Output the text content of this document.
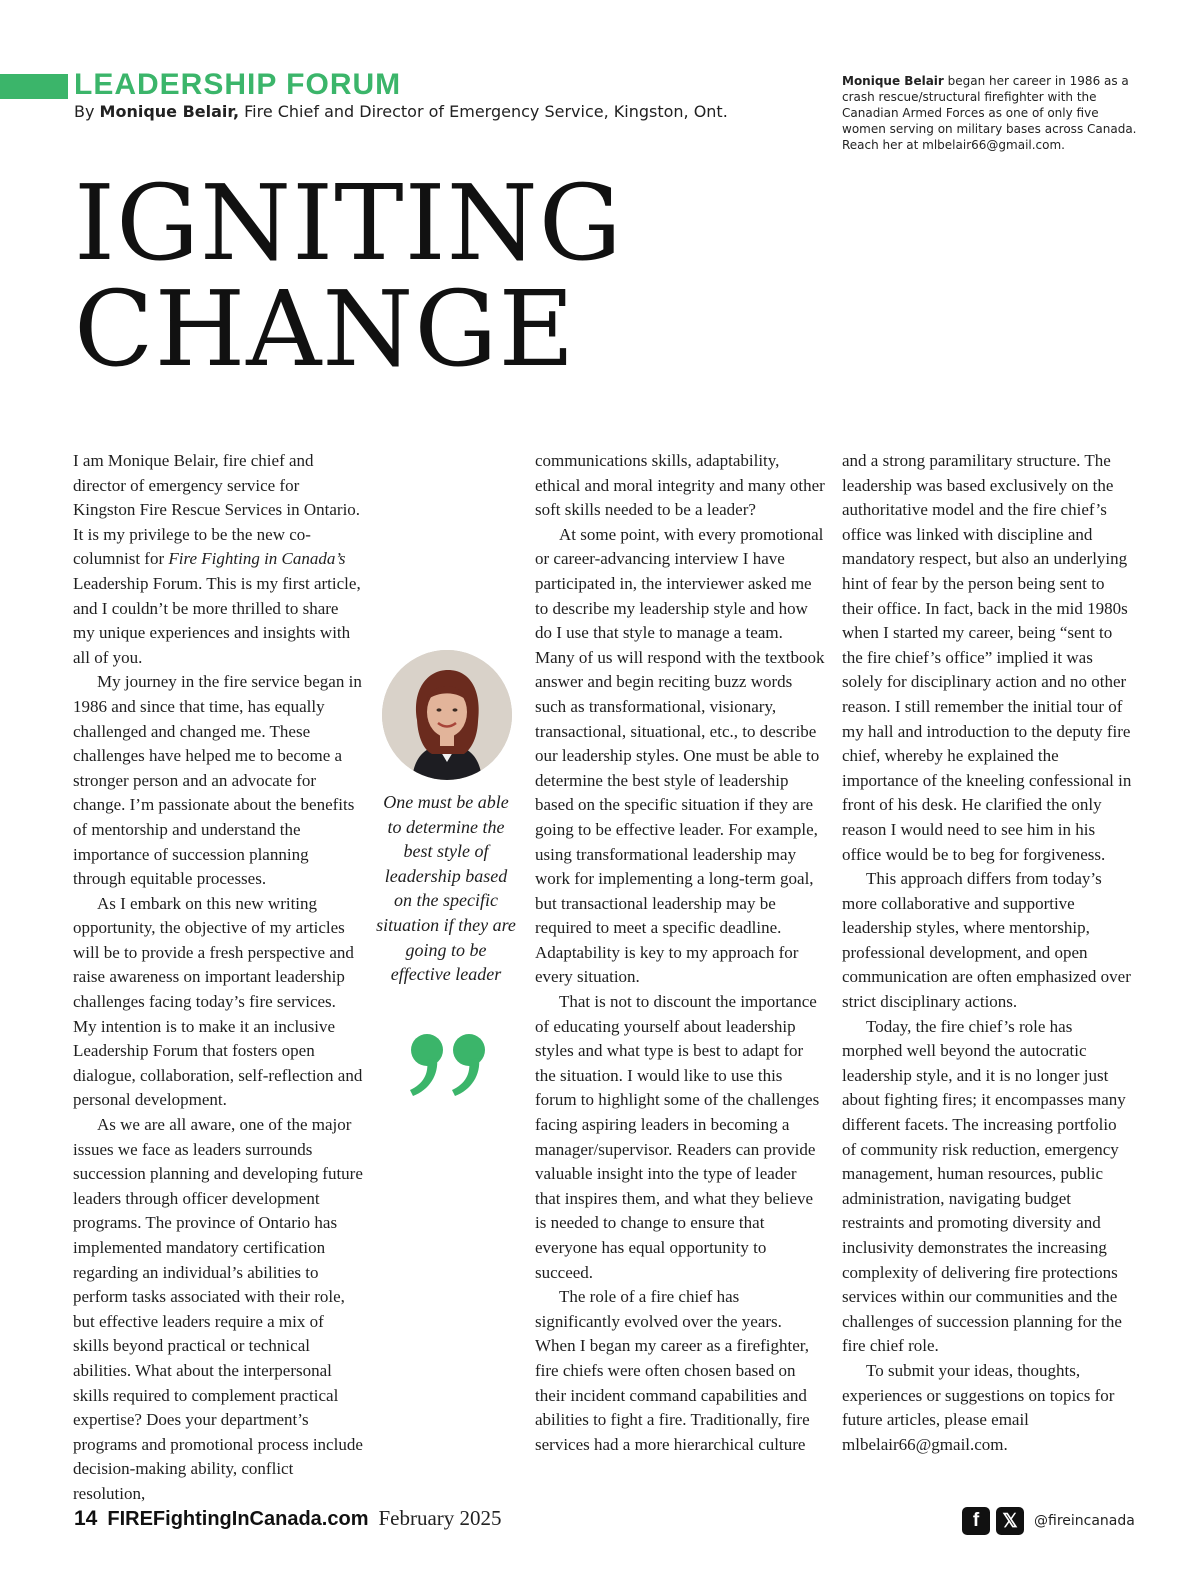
LEADERSHIP FORUM
By Monique Belair, Fire Chief and Director of Emergency Service, Kingston, Ont.
Monique Belair began her career in 1986 as a crash rescue/structural firefighter with the Canadian Armed Forces as one of only five women serving on military bases across Canada. Reach her at mlbelair66@gmail.com.
IGNITING
CHANGE

I am Monique Belair, fire chief and director of emergency service for Kingston Fire Rescue Services in Ontario. It is my privilege to be the new co-columnist for Fire Fighting in Canada’s Leadership Forum. This is my first article, and I couldn’t be more thrilled to share my unique experiences and insights with all of you.

My journey in the fire service began in 1986 and since that time, has equally challenged and changed me. These challenges have helped me to become a stronger person and an advocate for change. I’m passionate about the benefits of mentorship and understand the importance of succession planning through equitable processes.

As I embark on this new writing opportunity, the objective of my articles will be to provide a fresh perspective and raise awareness on important leadership challenges facing today’s fire services. My intention is to make it an inclusive Leadership Forum that fosters open dialogue, collaboration, self-reflection and personal development.

As we are all aware, one of the major issues we face as leaders surrounds succession planning and developing future leaders through officer development programs. The province of Ontario has implemented mandatory certification regarding an individual’s abilities to perform tasks associated with their role, but effective leaders require a mix of skills beyond practical or technical abilities. What about the interpersonal skills required to complement practical expertise? Does your department’s programs and promotional process include decision-making ability, conflict resolution,

One must be able to determine the best style of leadership based on the specific situation if they are going to be effective leader

communications skills, adaptability, ethical and moral integrity and many other soft skills needed to be a leader?

At some point, with every promotional or career-advancing interview I have participated in, the interviewer asked me to describe my leadership style and how do I use that style to manage a team. Many of us will respond with the textbook answer and begin reciting buzz words such as transformational, visionary, transactional, situational, etc., to describe our leadership styles. One must be able to determine the best style of leadership based on the specific situation if they are going to be effective leader. For example, using transformational leadership may work for implementing a long-term goal, but transactional leadership may be required to meet a specific deadline. Adaptability is key to my approach for every situation.

That is not to discount the importance of educating yourself about leadership styles and what type is best to adapt for the situation. I would like to use this forum to highlight some of the challenges facing aspiring leaders in becoming a manager/supervisor. Readers can provide valuable insight into the type of leader that inspires them, and what they believe is needed to change to ensure that everyone has equal opportunity to succeed.

The role of a fire chief has significantly evolved over the years. When I began my career as a firefighter, fire chiefs were often chosen based on their incident command capabilities and abilities to fight a fire. Traditionally, fire services had a more hierarchical culture

and a strong paramilitary structure. The leadership was based exclusively on the authoritative model and the fire chief’s office was linked with discipline and mandatory respect, but also an underlying hint of fear by the person being sent to their office. In fact, back in the mid 1980s when I started my career, being “sent to the fire chief’s office” implied it was solely for disciplinary action and no other reason. I still remember the initial tour of my hall and introduction to the deputy fire chief, whereby he explained the importance of the kneeling confessional in front of his desk. He clarified the only reason I would need to see him in his office would be to beg for forgiveness.

This approach differs from today’s more collaborative and supportive leadership styles, where mentorship, professional development, and open communication are often emphasized over strict disciplinary actions.

Today, the fire chief’s role has morphed well beyond the autocratic leadership style, and it is no longer just about fighting fires; it encompasses many different facets. The increasing portfolio of community risk reduction, emergency management, human resources, public administration, navigating budget restraints and promoting diversity and inclusivity demonstrates the increasing complexity of delivering fire protections services within our communities and the challenges of succession planning for the fire chief role.

To submit your ideas, thoughts, experiences or suggestions on topics for future articles, please email mlbelair66@gmail.com.

14 FIREFightingInCanada.com February 2025	f	𝕏	@fireincanada
